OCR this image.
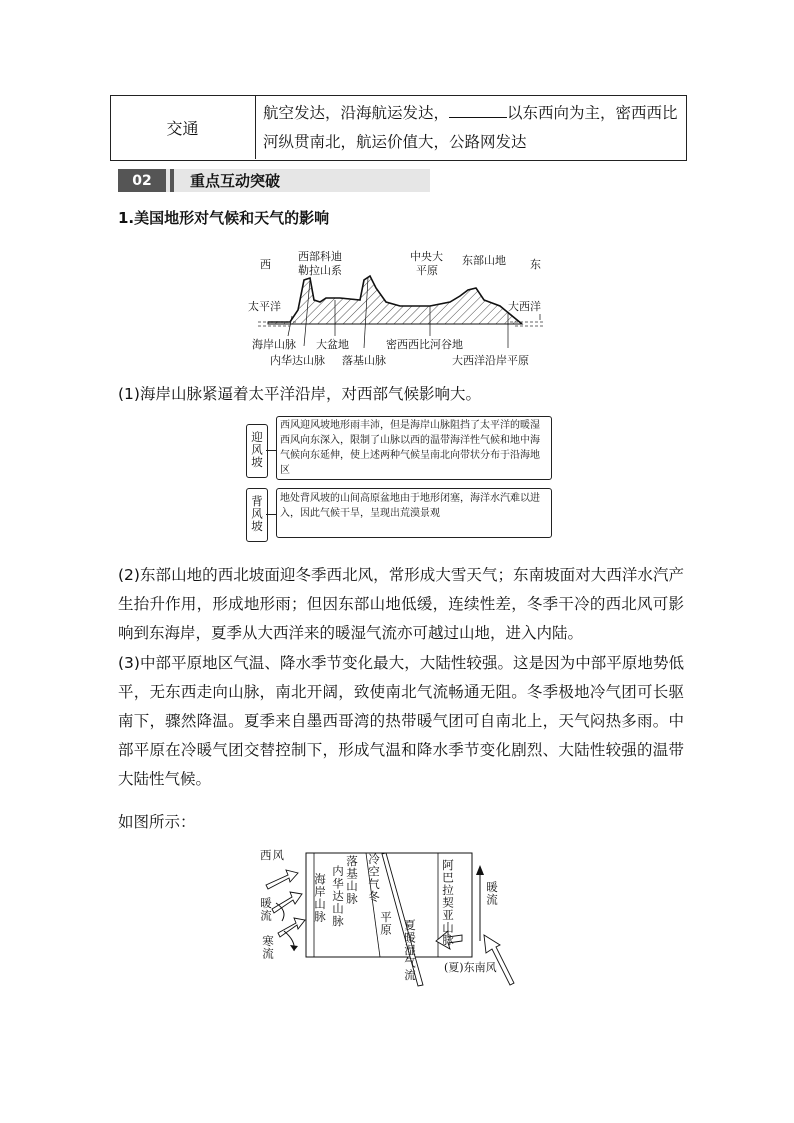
交通
航空发达，沿海航运发达，	以东西向为主，密西西比河纵贯南北，航运价值大，公路网发达
02	重点互动突破
1.美国地形对气候和天气的影响
西	东
西部科迪
勒拉山系
中央大
平原
东部山地
太平洋	大西洋
海岸山脉 大盆地	密西西比河谷地
内华达山脉 落基山脉	大西洋沿岸平原
(1)海岸山脉紧逼着太平洋沿岸，对西部气候影响大。
迎风坡
背风坡
西风迎风坡地形雨丰沛，但是海岸山脉阻挡了太平洋的暖湿西风向东深入，限制了山脉以西的温带海洋性气候和地中海气候向东延伸，使上述两种气候呈南北向带状分布于沿海地区
地处背风坡的山间高原盆地由于地形闭塞，海洋水汽难以进入，因此气候干旱，呈现出荒漠景观
(2)东部山地的西北坡面迎冬季西北风，常形成大雪天气；东南坡面对大西洋水汽产生抬升作用，形成地形雨；但因东部山地低缓，连续性差，冬季干冷的西北风可影响到东海岸，夏季从大西洋来的暖湿气流亦可越过山地，进入内陆。
(3)中部平原地区气温、降水季节变化最大，大陆性较强。这是因为中部平原地势低平，无东西走向山脉，南北开阔，致使南北气流畅通无阻。冬季极地冷气团可长驱南下，骤然降温。夏季来自墨西哥湾的热带暖气团可自南北上，天气闷热多雨。中部平原在冷暖气团交替控制下，形成气温和降水季节变化剧烈、大陆性较强的温带大陆性气候。
如图所示：
西风
暖流
寒流
海岸山脉 内华达山脉 落基山脉 冷空气冬
平原 夏暖湿气流
阿巴拉契亚山脉	暖流
(夏)东南风
